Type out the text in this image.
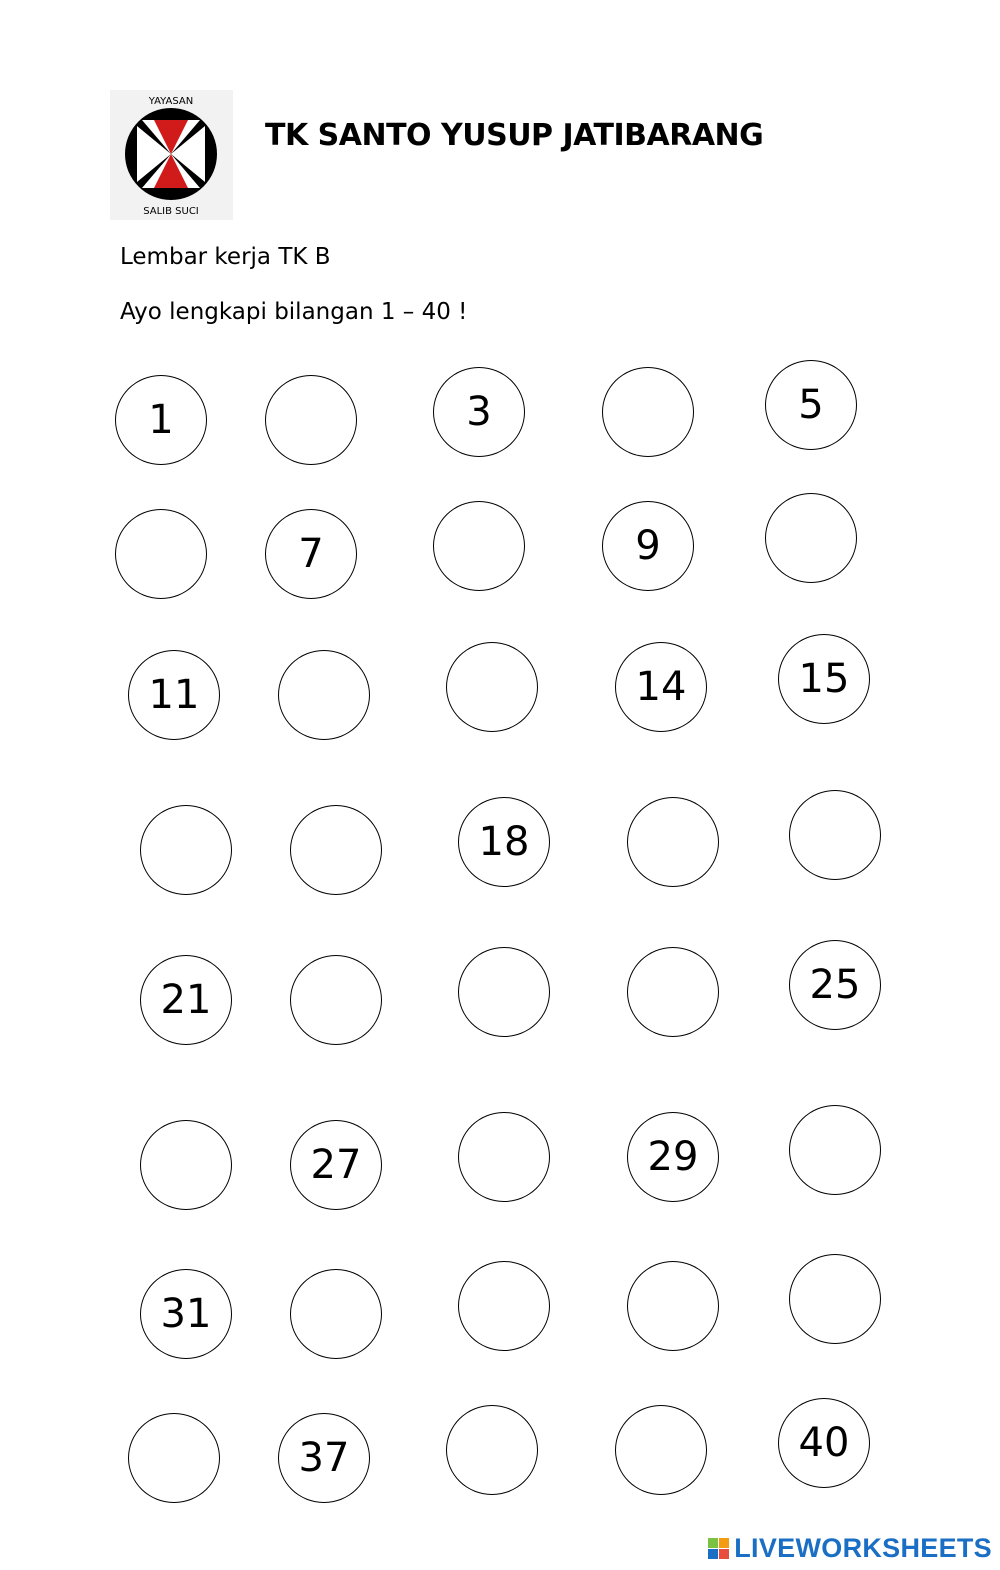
YAYASAN
SALIB SUCI
TK SANTO YUSUP JATIBARANG
Lembar kerja TK B
Ayo lengkapi bilangan 1 – 40 !
1	3	5
7	9
11	14	15
18
21	25
27	29
31
37	40
LIVEWORKSHEETS
